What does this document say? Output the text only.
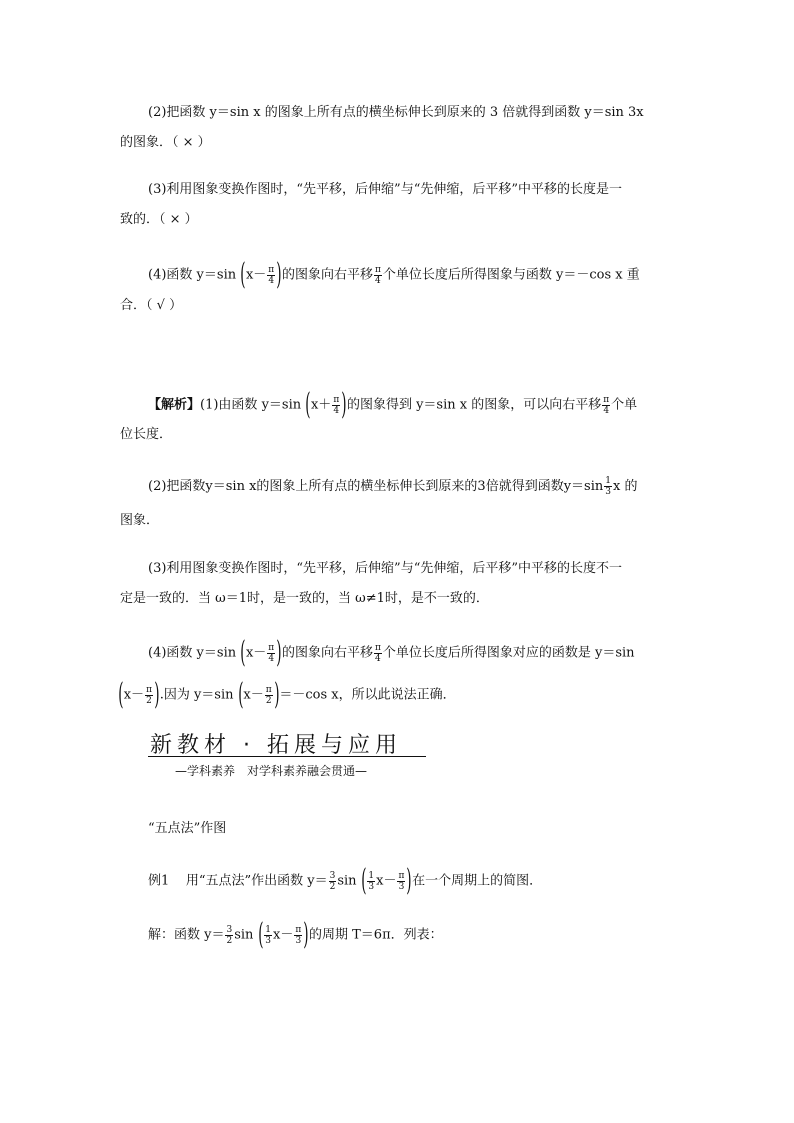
(2)把函数 y＝sin x 的图象上所有点的横坐标伸长到原来的 3 倍就得到函数 y＝sin 3x
的图象．（ × ）
(3)利用图象变换作图时，“先平移，后伸缩”与“先伸缩，后平移”中平移的长度是一
致的．（ × ）
(4)函数 y＝sin ($x- \frac{\pi}{4}$ )的图象向右平移 $\frac{\pi}{4}$ 个单位长度后所得图象与函数 y＝－cos x 重
合．（ √ ）
【解析】(1)由函数 y＝sin ($x+ \frac{\pi}{4}$ )的图象得到 y＝sin x 的图象，可以向右平移 $\frac{\pi}{4}$ 个单
位长度．
(2)把函数y＝sin x的图象上所有点的横坐标伸长到原来的3倍就得到函数$y=\sin \frac{1}{3}$ x 的
图象．
(3)利用图象变换作图时，“先平移，后伸缩”与“先伸缩，后平移”中平移的长度不一
定是一致的．当 ω＝1时，是一致的，当 ω≠1时，是不一致的．
(4)函数 y＝sin ($x- \frac{\pi}{4}$ )的图象向右平移 $\frac{\pi}{4}$ 个单位长度后所得图象对应的函数是 y＝sin
($x- \frac{\pi}{2}$ ).因为 y＝sin $(x- \frac{\pi}{2} )=-\cos$ x，所以此说法正确．
新教材 · 拓展与应用
—学科素养　对学科素养融会贯通—
“五点法”作图
例1 用“五点法”作出函数 $y= \frac{3}{2}$ sin ( $\frac{1}{3} x- \frac{\pi}{3}$ )在一个周期上的简图．
解：函数 $y= \frac{3}{2}$ sin ( $\frac{1}{3} x- \frac{\pi}{3}$ )的周期 T＝6π．列表：
